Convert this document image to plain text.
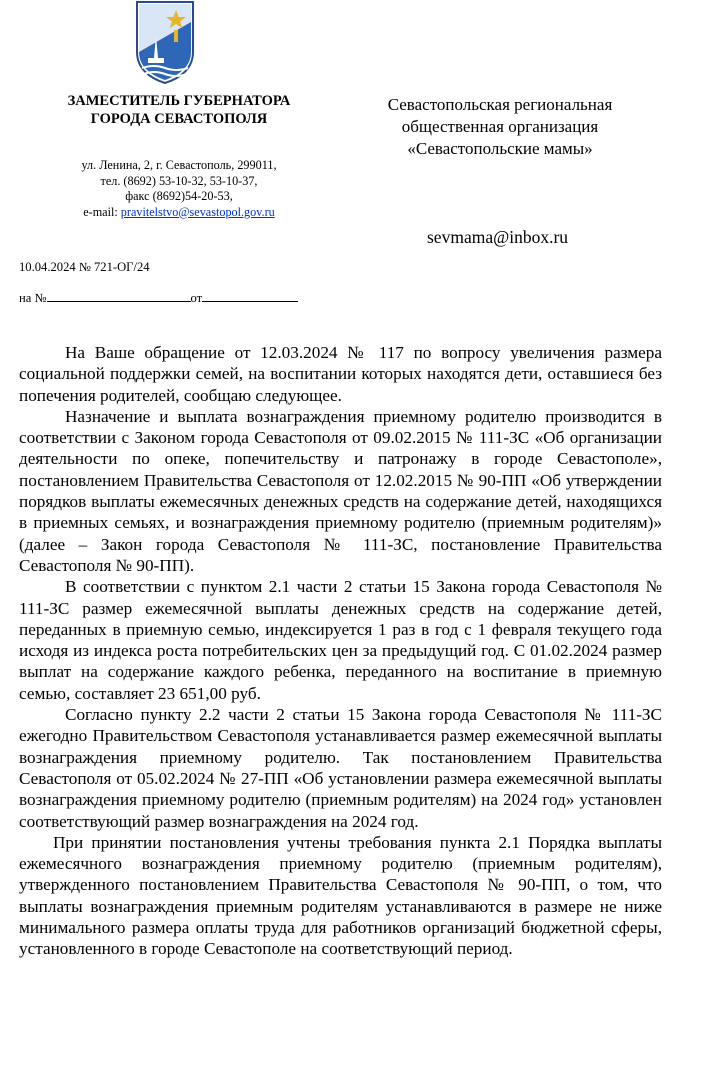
ЗАМЕСТИТЕЛЬ ГУБЕРНАТОРА
ГОРОДА СЕВАСТОПОЛЯ

ул. Ленина, 2, г. Севастополь, 299011,
тел. (8692) 53-10-32, 53-10-37,
факс (8692)54-20-53,
e-mail: pravitelstvo@sevastopol.gov.ru
Севастопольская региональная
общественная организация
«Севастопольские мамы»
sevmama@inbox.ru
10.04.2024 № 721-ОГ/24
на №	от

На Ваше обращение от 12.03.2024 № 117 по вопросу увеличения размера социальной поддержки семей, на воспитании которых находятся дети, оставшиеся без попечения родителей, сообщаю следующее.

Назначение и выплата вознаграждения приемному родителю производится в соответствии с Законом города Севастополя от 09.02.2015 № 111-ЗС «Об организации деятельности по опеке, попечительству и патронажу в городе Севастополе», постановлением Правительства Севастополя от 12.02.2015 № 90-ПП «Об утверждении порядков выплаты ежемесячных денежных средств на содержание детей, находящихся в приемных семьях, и вознаграждения приемному родителю (приемным родителям)» (далее – Закон города Севастополя № 111-ЗС, постановление Правительства Севастополя № 90-ПП).

В соответствии с пунктом 2.1 части 2 статьи 15 Закона города Севастополя № 111-ЗС размер ежемесячной выплаты денежных средств на содержание детей, переданных в приемную семью, индексируется 1 раз в год с 1 февраля текущего года исходя из индекса роста потребительских цен за предыдущий год. С 01.02.2024 размер выплат на содержание каждого ребенка, переданного на воспитание в приемную семью, составляет 23 651,00 руб.

Согласно пункту 2.2 части 2 статьи 15 Закона города Севастополя № 111-ЗС ежегодно Правительством Севастополя устанавливается размер ежемесячной выплаты вознаграждения приемному родителю. Так постановлением Правительства Севастополя от 05.02.2024 № 27-ПП «Об установлении размера ежемесячной выплаты вознаграждения приемному родителю (приемным родителям) на 2024 год» установлен соответствующий размер вознаграждения на 2024 год.

При принятии постановления учтены требования пункта 2.1 Порядка выплаты ежемесячного вознаграждения приемному родителю (приемным родителям), утвержденного постановлением Правительства Севастополя № 90-ПП, о том, что выплаты вознаграждения приемным родителям устанавливаются в размере не ниже минимального размера оплаты труда для работников организаций бюджетной сферы, установленного в городе Севастополе на соответствующий период.
